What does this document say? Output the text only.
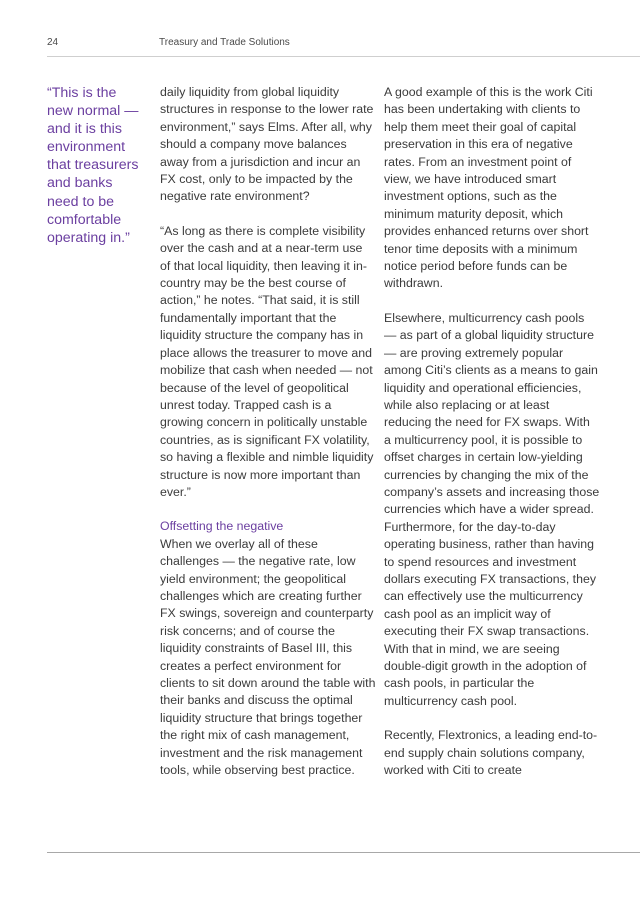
24	Treasury and Trade Solutions
“This is the new normal — and it is this environment that treasurers and banks need to be comfortable operating in.”

daily liquidity from global liquidity structures in response to the lower rate environment,” says Elms. After all, why should a company move balances away from a jurisdiction and incur an FX cost, only to be impacted by the negative rate environment?

“As long as there is complete visibility over the cash and at a near-term use of that local liquidity, then leaving it in-country may be the best course of action,” he notes. “That said, it is still fundamentally important that the liquidity structure the company has in place allows the treasurer to move and mobilize that cash when needed — not because of the level of geopolitical unrest today. Trapped cash is a growing concern in politically unstable countries, as is significant FX volatility, so having a flexible and nimble liquidity structure is now more important than ever.”

Offsetting the negative

When we overlay all of these challenges — the negative rate, low yield environment; the geopolitical challenges which are creating further FX swings, sovereign and counterparty risk concerns; and of course the liquidity constraints of Basel III, this creates a perfect environment for clients to sit down around the table with their banks and discuss the optimal liquidity structure that brings together the right mix of cash management, investment and the risk management tools, while observing best practice.

A good example of this is the work Citi has been undertaking with clients to help them meet their goal of capital preservation in this era of negative rates. From an investment point of view, we have introduced smart investment options, such as the minimum maturity deposit, which provides enhanced returns over short tenor time deposits with a minimum notice period before funds can be withdrawn.

Elsewhere, multicurrency cash pools — as part of a global liquidity structure — are proving extremely popular among Citi’s clients as a means to gain liquidity and operational efficiencies, while also replacing or at least reducing the need for FX swaps. With a multicurrency pool, it is possible to offset charges in certain low-yielding currencies by changing the mix of the company’s assets and increasing those currencies which have a wider spread. Furthermore, for the day-to-day operating business, rather than having to spend resources and investment dollars executing FX transactions, they can effectively use the multicurrency cash pool as an implicit way of executing their FX swap transactions. With that in mind, we are seeing double-digit growth in the adoption of cash pools, in particular the multicurrency cash pool.

Recently, Flextronics, a leading end-to-end supply chain solutions company, worked with Citi to create
